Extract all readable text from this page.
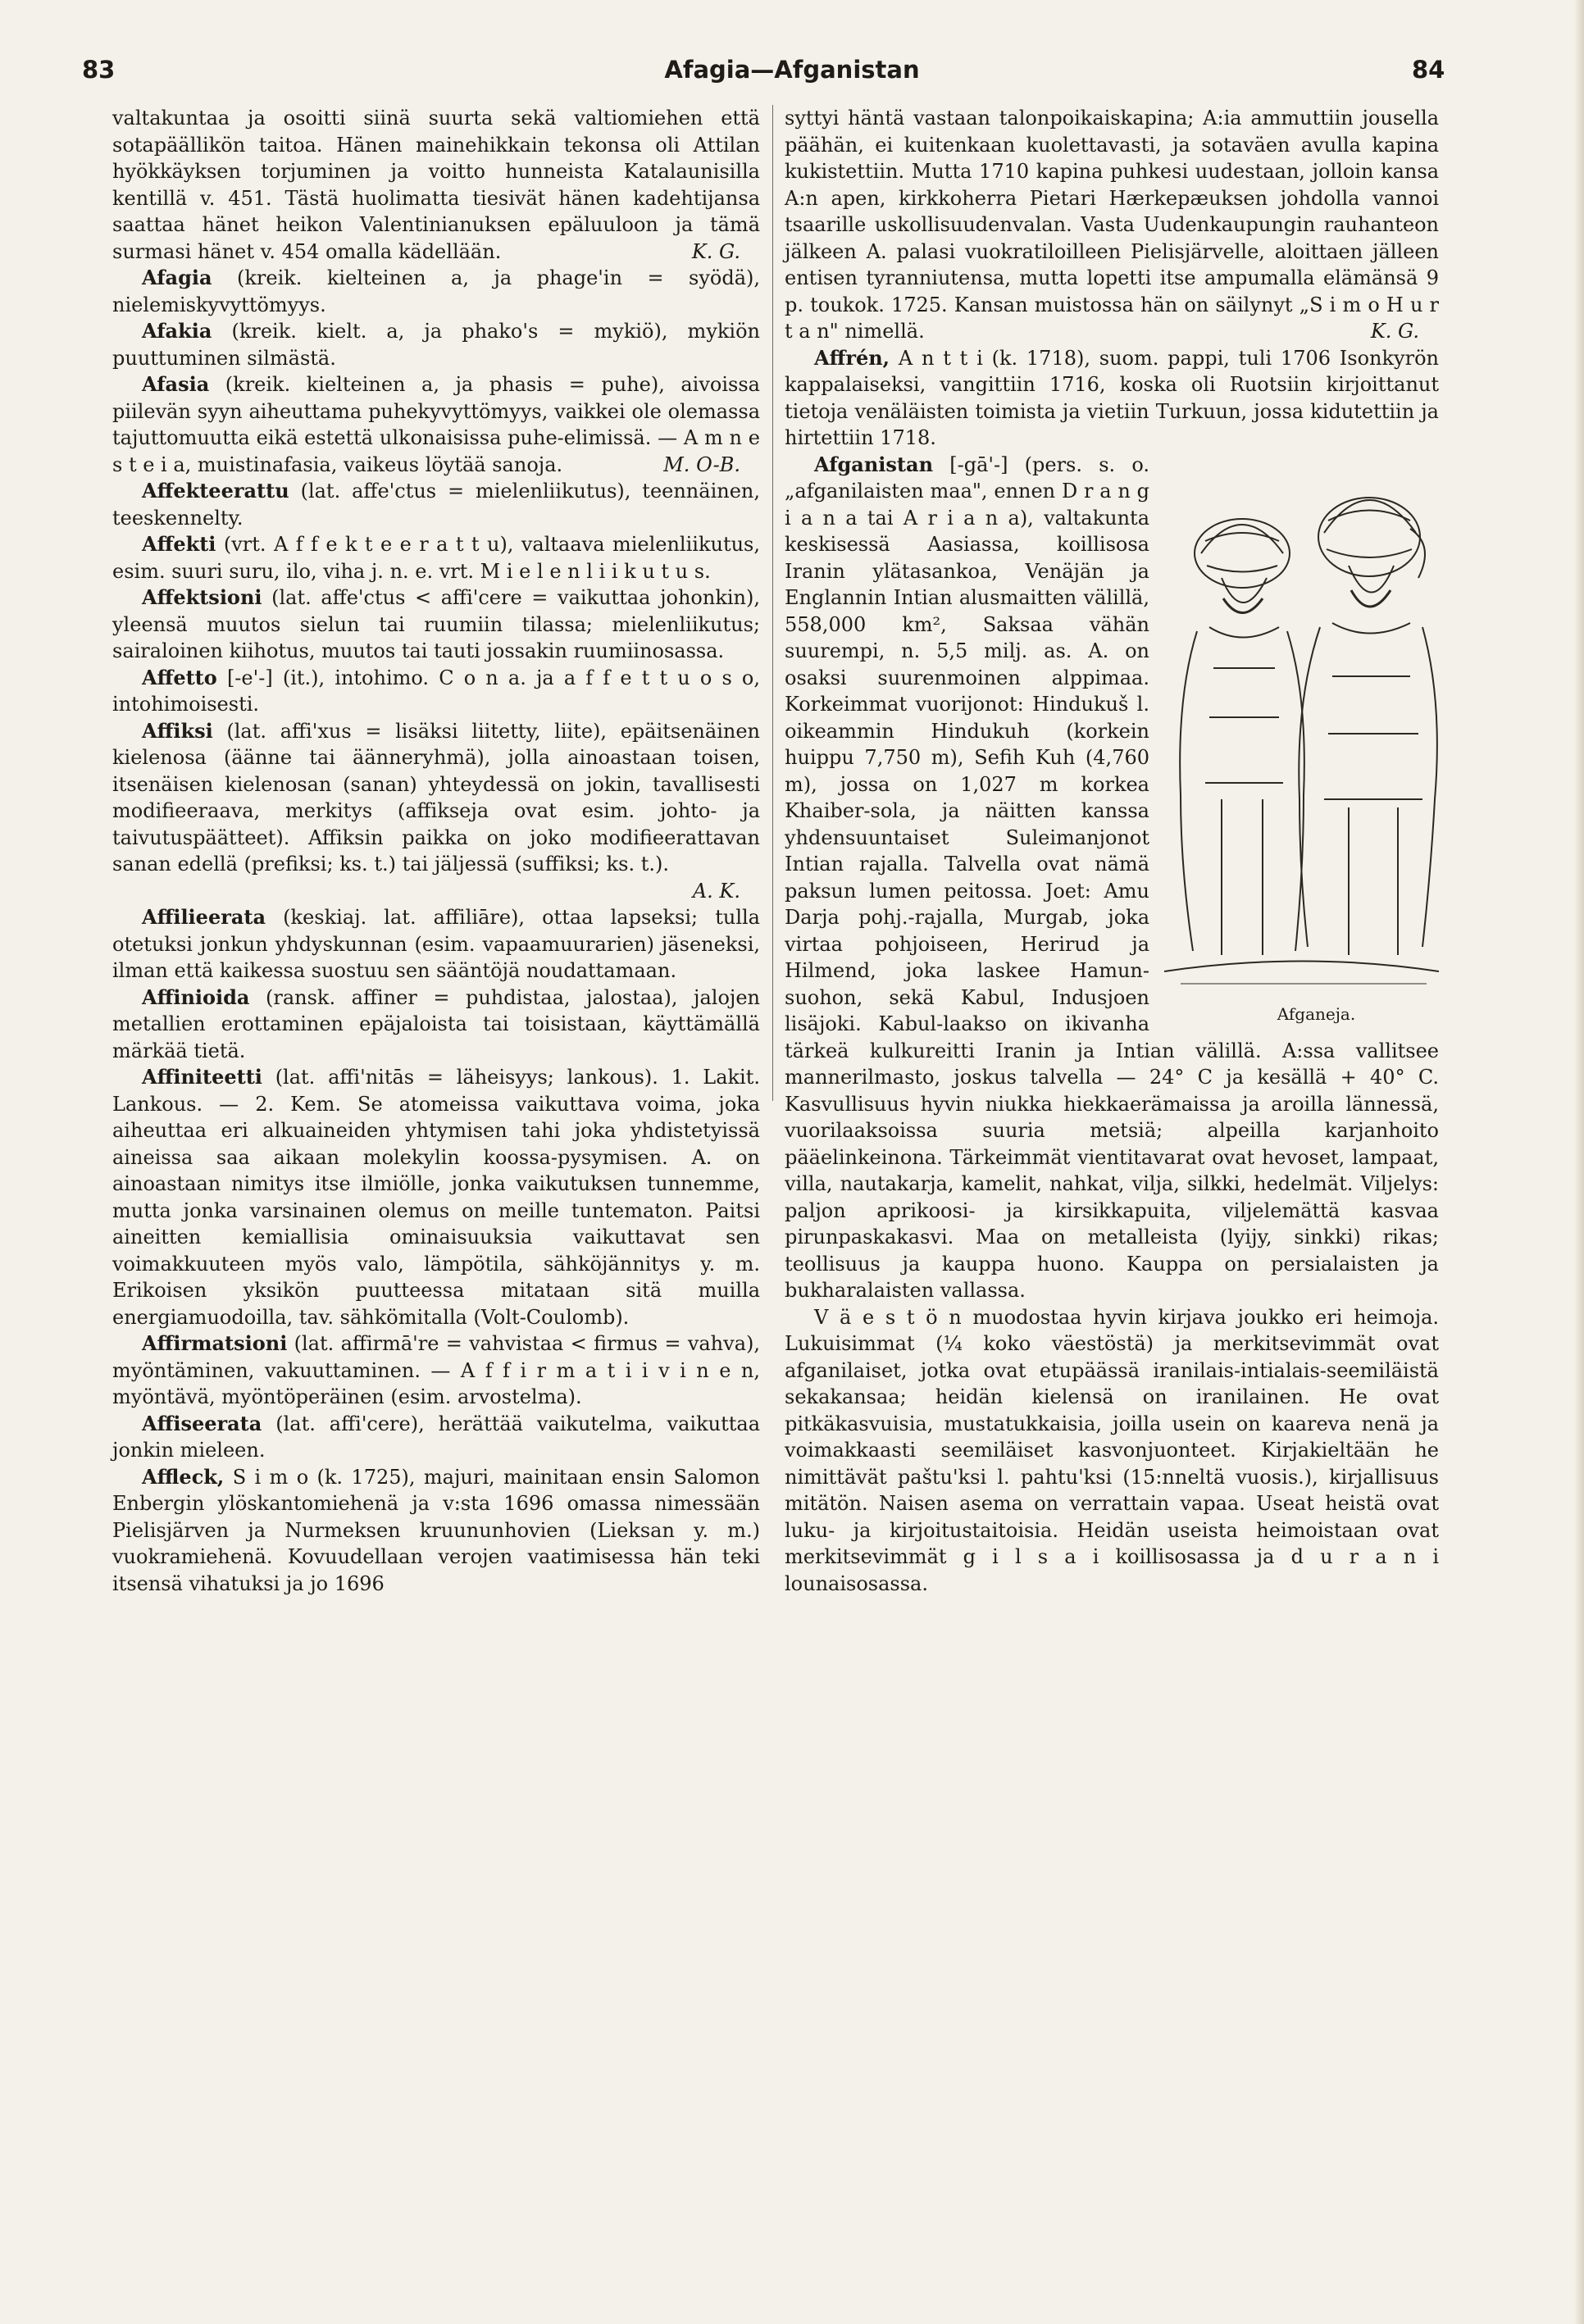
83	Afagia—Afganistan	84

valtakuntaa ja osoitti siinä suurta sekä valtiomiehen että sotapäällikön taitoa. Hänen mainehikkain tekonsa oli Attilan hyökkäyksen torjuminen ja voitto hunneista Katalaunisilla kentillä v. 451. Tästä huolimatta tiesivät hänen kadehtijansa saattaa hänet heikon Valentinianuksen epäluuloon ja tämä surmasi hänet v. 454 omalla kädellään.	K. G.

Afagia (kreik. kielteinen a, ja phage'in = syödä), nielemiskyvyttömyys.

Afakia (kreik. kielt. a, ja phako's = mykiö), mykiön puuttuminen silmästä.

Afasia (kreik. kielteinen a, ja phasis = puhe), aivoissa piilevän syyn aiheuttama puhekyvyttömyys, vaikkei ole olemassa tajuttomuutta eikä estettä ulkonaisissa puhe-elimissä. — A m n e s t e i a, muistinafasia, vaikeus löytää sanoja.	M. O-B.

Affekteerattu (lat. affe'ctus = mielenliikutus), teennäinen, teeskennelty.

Affekti (vrt. A f f e k t e e r a t t u), valtaava mielenliikutus, esim. suuri suru, ilo, viha j. n. e. vrt. M i e l e n l i i k u t u s.

Affektsioni (lat. affe'ctus < affi'cere = vaikuttaa johonkin), yleensä muutos sielun tai ruumiin tilassa; mielenliikutus; sairaloinen kiihotus, muutos tai tauti jossakin ruumiinosassa.

Affetto [-e'-] (it.), intohimo. C o n a. ja a f f e t t u o s o, intohimoisesti.

Affiksi (lat. affi'xus = lisäksi liitetty, liite), epäitsenäinen kielenosa (äänne tai äänneryhmä), jolla ainoastaan toisen, itsenäisen kielenosan (sanan) yhteydessä on jokin, tavallisesti modifieeraava, merkitys (affikseja ovat esim. johto- ja taivutuspäätteet). Affiksin paikka on joko modifieerattavan sanan edellä (prefiksi; ks. t.) tai jäljessä (suffiksi; ks. t.).
A. K.

Affilieerata (keskiaj. lat. affiliāre), ottaa lapseksi; tulla otetuksi jonkun yhdyskunnan (esim. vapaamuurarien) jäseneksi, ilman että kaikessa suostuu sen sääntöjä noudattamaan.

Affinioida (ransk. affiner = puhdistaa, jalostaa), jalojen metallien erottaminen epäjaloista tai toisistaan, käyttämällä märkää tietä.

Affiniteetti (lat. affi'nitās = läheisyys; lankous). 1. Lakit. Lankous. — 2. Kem. Se atomeissa vaikuttava voima, joka aiheuttaa eri alkuaineiden yhtymisen tahi joka yhdistetyissä aineissa saa aikaan molekylin koossa-pysymisen. A. on ainoastaan nimitys itse ilmiölle, jonka vaikutuksen tunnemme, mutta jonka varsinainen olemus on meille tuntematon. Paitsi aineitten kemiallisia ominaisuuksia vaikuttavat sen voimakkuuteen myös valo, lämpötila, sähköjännitys y. m. Erikoisen yksikön puutteessa mitataan sitä muilla energiamuodoilla, tav. sähkömitalla (Volt-Coulomb).

Affirmatsioni (lat. affirmā're = vahvistaa < firmus = vahva), myöntäminen, vakuuttaminen. — A f f i r m a t i i v i n e n, myöntävä, myöntöperäinen (esim. arvostelma).

Affiseerata (lat. affi'cere), herättää vaikutelma, vaikuttaa jonkin mieleen.

Affleck, S i m o (k. 1725), majuri, mainitaan ensin Salomon Enbergin ylöskantomiehenä ja v:sta 1696 omassa nimessään Pielisjärven ja Nurmeksen kruununhovien (Lieksan y. m.) vuokramiehenä. Kovuudellaan verojen vaatimisessa hän teki itsensä vihatuksi ja jo 1696

syttyi häntä vastaan talonpoikaiskapina; A:ia ammuttiin jousella päähän, ei kuitenkaan kuolettavasti, ja sotaväen avulla kapina kukistettiin. Mutta 1710 kapina puhkesi uudestaan, jolloin kansa A:n apen, kirkkoherra Pietari Hærkepæuksen johdolla vannoi tsaarille uskollisuudenvalan. Vasta Uudenkaupungin rauhanteon jälkeen A. palasi vuokratiloilleen Pielisjärvelle, aloittaen jälleen entisen tyranniutensa, mutta lopetti itse ampumalla elämänsä 9 p. toukok. 1725. Kansan muistossa hän on säilynyt „S i m o H u r t a n" nimellä.	K. G.

Affrén, A n t t i (k. 1718), suom. pappi, tuli 1706 Isonkyrön kappalaiseksi, vangittiin 1716, koska oli Ruotsiin kirjoittanut tietoja venäläisten toimista ja vietiin Turkuun, jossa kidutettiin ja hirtettiin 1718.

Afganeja.
Afganistan [-gā'-] (pers. s. o. „afganilaisten maa", ennen D r a n g i a n a tai A r i a n a), valtakunta keskisessä Aasiassa, koillisosa Iranin ylätasankoa, Venäjän ja Englannin Intian alusmaitten välillä, 558,000 km², Saksaa vähän suurempi, n. 5,5 milj. as. A. on osaksi suurenmoinen alppimaa. Korkeimmat vuorijonot: Hindukuš l. oikeammin Hindukuh (korkein huippu 7,750 m), Sefih Kuh (4,760 m), jossa on 1,027 m korkea Khaiber-sola, ja näitten kanssa yhdensuuntaiset Suleimanjonot Intian rajalla. Talvella ovat nämä paksun lumen peitossa. Joet: Amu Darja pohj.-rajalla, Murgab, joka virtaa pohjoiseen, Herirud ja Hilmend, joka laskee Hamun-suohon, sekä Kabul, Indusjoen lisäjoki. Kabul-laakso on ikivanha tärkeä kulkureitti Iranin ja Intian välillä. A:ssa vallitsee mannerilmasto, joskus talvella — 24° C ja kesällä + 40° C. Kasvullisuus hyvin niukka hiekkaerämaissa ja aroilla lännessä, vuorilaaksoissa suuria metsiä; alpeilla karjanhoito pääelinkeinona. Tärkeimmät vientitavarat ovat hevoset, lampaat, villa, nautakarja, kamelit, nahkat, vilja, silkki, hedelmät. Viljelys: paljon aprikoosi- ja kirsikkapuita, viljelemättä kasvaa pirunpaskakasvi. Maa on metalleista (lyijy, sinkki) rikas; teollisuus ja kauppa huono. Kauppa on persialaisten ja bukharalaisten vallassa.

V ä e s t ö n muodostaa hyvin kirjava joukko eri heimoja. Lukuisimmat (¼ koko väestöstä) ja merkitsevimmät ovat afganilaiset, jotka ovat etupäässä iranilais-intialais-seemiläistä sekakansaa; heidän kielensä on iranilainen. He ovat pitkäkasvuisia, mustatukkaisia, joilla usein on kaareva nenä ja voimakkaasti seemiläiset kasvonjuonteet. Kirjakieltään he nimittävät paštu'ksi l. pahtu'ksi (15:nneltä vuosis.), kirjallisuus mitätön. Naisen asema on verrattain vapaa. Useat heistä ovat luku- ja kirjoitustaitoisia. Heidän useista heimoistaan ovat merkitsevimmät g i l s a i koillisosassa ja d u r a n i lounaisosassa.
